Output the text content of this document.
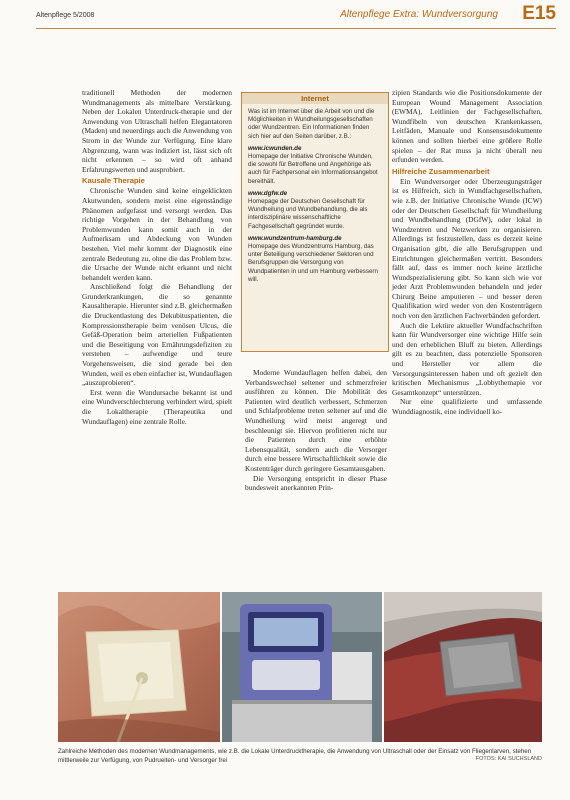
Altenpflege 5/2008	Altenpflege Extra: Wundversorgung E15

traditionell Methoden der modernen Wundmanagements als mittelbare Verstärkung. Neben der Lokalen Unterdruck-therapie und der Anwendung von Ultraschall helfen Elegantatoren (Maden) und neuerdings auch die Anwendung von Strom in der Wunde zur Verfügung. Eine klare Abgrenzung, wann was indiziert ist, lässt sich oft nicht erkennen – so wird oft anhand Erfahrungswerten und ausprobiert.

Kausale Therapie

Chronische Wunden sind keine eingeklickten Akutwunden, sondern meist eine eigenständige Phänomen aufgefasst und versorgt werden. Das richtige Vorgehen in der Behandlung von Problemwunden kann somit auch in der Aufmerksam und Abdeckung von Wunden bestehen. Viel mehr kommt der Diagnostik eine zentrale Bedeutung zu, ohne die das Problem bzw. die Ursache der Wunde nicht erkannt und nicht behandelt werden kann.

Anschließend folgt die Behandlung der Grunderkrankungen, die so genannte Kausaltherapie. Hierunter sind z.B. gleichermaßen die Druckentlastung des Dekubituspatienten, die Kompressionstherapie beim venösen Ulcus, die Gefäß-Operation beim arteriellen Fußpatienten und die Beseitigung von Ernährungsdefiziten zu verstehen – aufwendige und teure Vorgehensweisen, die sind gerade bei den Wunden, weil es eben einfacher ist, Wundauflagen „auszuprobieren“.

Erst wenn die Wundursache bekannt ist und eine Wundverschlechterung verhindert wird, spielt die Lokaltherapie (Therapeutika und Wundauflagen) eine zentrale Rolle.

Internet

Was ist im Internet über die Arbeit von und die Möglichkeiten in Wundheilungsgesellschaften oder Wundzentren. Ein Informationen finden sich hier auf den Seiten darüber, z.B.:

www.icwunden.de
Homepage der Initiative Chronische Wunden, die sowohl für Betroffene und Angehörige als auch für Fachpersonal ein Informationsangebot bereithält.

www.dgfw.de
Homepage der Deutschen Gesellschaft für Wundheilung und Wundbehandlung, die als interdisziplinäre wissenschaftliche Fachgesellschaft gegründet wurde.

www.wundzentrum-hamburg.de
Homepage des Wundzentrums Hamburg, das unter Beteiligung verschiedener Sektoren und Berufsgruppen die Versorgung von Wundpatienten in und um Hamburg verbessern will.

Moderne Wundauflagen helfen dabei, den Verbandswechsel seltener und schmerzfreier ausführen zu können. Die Mobilität des Patienten wird deutlich verbessert, Schmerzen und Schlafprobleme treten seltener auf und die Wundheilung wird meist angeregt und beschleunigt sie. Hiervon profitieren nicht nur die Patienten durch eine erhöhte Lebensqualität, sondern auch die Versorger durch eine bessere Wirtschaftlichkeit sowie die Kostenträger durch geringere Gesamtausgaben.

Die Versorgung entspricht in dieser Phase bundesweit anerkannten Prin-

zipien Standards wie die Positionsdokumente der European Wound Management Association (EWMA), Leitlinien der Fachgesellschaften, Wundfibeln von deutschen Krankenkassen, Leitfäden, Manuale und Konsensusdokumente können und sollten hierbei eine größere Rolle spielen – der Rat muss ja nicht überall neu erfunden werden.

Hilfreiche Zusammenarbeit

Ein Wundversorger oder Überzeugungsträger ist es Hilfreich, sich in Wundfachgesellschaften, wie z.B. der Initiative Chronische Wunde (ICW) oder der Deutschen Gesellschaft für Wundheilung und Wundbehandlung (DGfW), oder lokal in Wundzentren und Netzwerken zu organisieren. Allerdings ist festzustellen, dass es derzeit keine Organisation gibt, die alle Berufsgruppen und Einrichtungen gleichermaßen vertritt. Besonders fällt auf, dass es immer noch keine ärztliche Wundspezialisierung gibt. So kann sich wie vor jeder Arzt Problemwunden behandeln und jeder Chirurg Beine amputieren – und besser deren Qualifikation wird weder von den Kostenträgern noch von den ärztlichen Fachverbänden gefordert.

Auch die Lektüre aktueller Wundfachschriften kann für Wundversorger eine wichtige Hilfe sein und den erheblichen Bluff zu bieten. Allerdings gilt es zu beachten, dass potenzielle Sponsoren und Hersteller vor allem die Versorgungsinteressen haben und oft gezielt den kritischen Mechanismus „Lobbythemapie vor Gesamtkonzept“ unterstützen.

Nur eine qualifizierte und umfassende Wunddiagnostik, eine individuell ko-

Zahlreiche Methoden des modernen Wundmanagements, wie z.B. die Lokale Unterdrucktherapie, die Anwendung von Ultraschall oder der Einsatz von Fliegenlarven, stehen mittlerweile zur Verfügung, von Pudrueiten- und Versorger frei	FOTOS: KAI SUCHSLAND
